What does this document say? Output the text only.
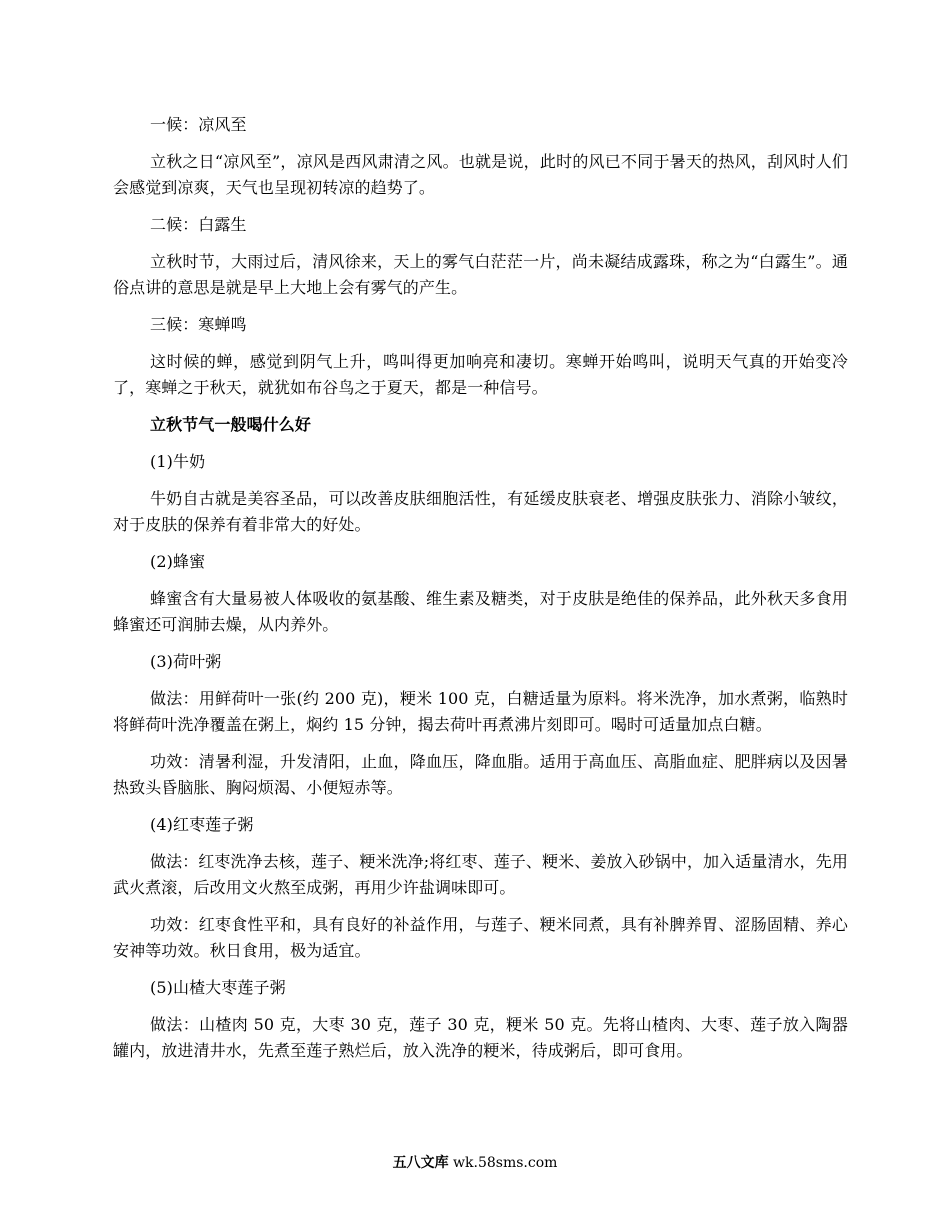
一候：凉风至

立秋之日“凉风至”，凉风是西风肃清之风。也就是说，此时的风已不同于暑天的热风，刮风时人们会感觉到凉爽，天气也呈现初转凉的趋势了。

二候：白露生

立秋时节，大雨过后，清风徐来，天上的雾气白茫茫一片，尚未凝结成露珠，称之为“白露生”。通俗点讲的意思是就是早上大地上会有雾气的产生。

三候：寒蝉鸣

这时候的蝉，感觉到阴气上升，鸣叫得更加响亮和凄切。寒蝉开始鸣叫，说明天气真的开始变冷了，寒蝉之于秋天，就犹如布谷鸟之于夏天，都是一种信号。

立秋节气一般喝什么好

(1)牛奶

牛奶自古就是美容圣品，可以改善皮肤细胞活性，有延缓皮肤衰老、增强皮肤张力、消除小皱纹，对于皮肤的保养有着非常大的好处。

(2)蜂蜜

蜂蜜含有大量易被人体吸收的氨基酸、维生素及糖类，对于皮肤是绝佳的保养品，此外秋天多食用蜂蜜还可润肺去燥，从内养外。

(3)荷叶粥

做法：用鲜荷叶一张(约 200 克)，粳米 100 克，白糖适量为原料。将米洗净，加水煮粥，临熟时将鲜荷叶洗净覆盖在粥上，焖约 15 分钟，揭去荷叶再煮沸片刻即可。喝时可适量加点白糖。

功效：清暑利湿，升发清阳，止血，降血压，降血脂。适用于高血压、高脂血症、肥胖病以及因暑热致头昏脑胀、胸闷烦渴、小便短赤等。

(4)红枣莲子粥

做法：红枣洗净去核，莲子、粳米洗净;将红枣、莲子、粳米、姜放入砂锅中，加入适量清水，先用武火煮滚，后改用文火熬至成粥，再用少许盐调味即可。

功效：红枣食性平和，具有良好的补益作用，与莲子、粳米同煮，具有补脾养胃、涩肠固精、养心安神等功效。秋日食用，极为适宜。

(5)山楂大枣莲子粥

做法：山楂肉 50 克，大枣 30 克，莲子 30 克，粳米 50 克。先将山楂肉、大枣、莲子放入陶器罐内，放进清井水，先煮至莲子熟烂后，放入洗净的粳米，待成粥后，即可食用。

五八文库 wk.58sms.com
